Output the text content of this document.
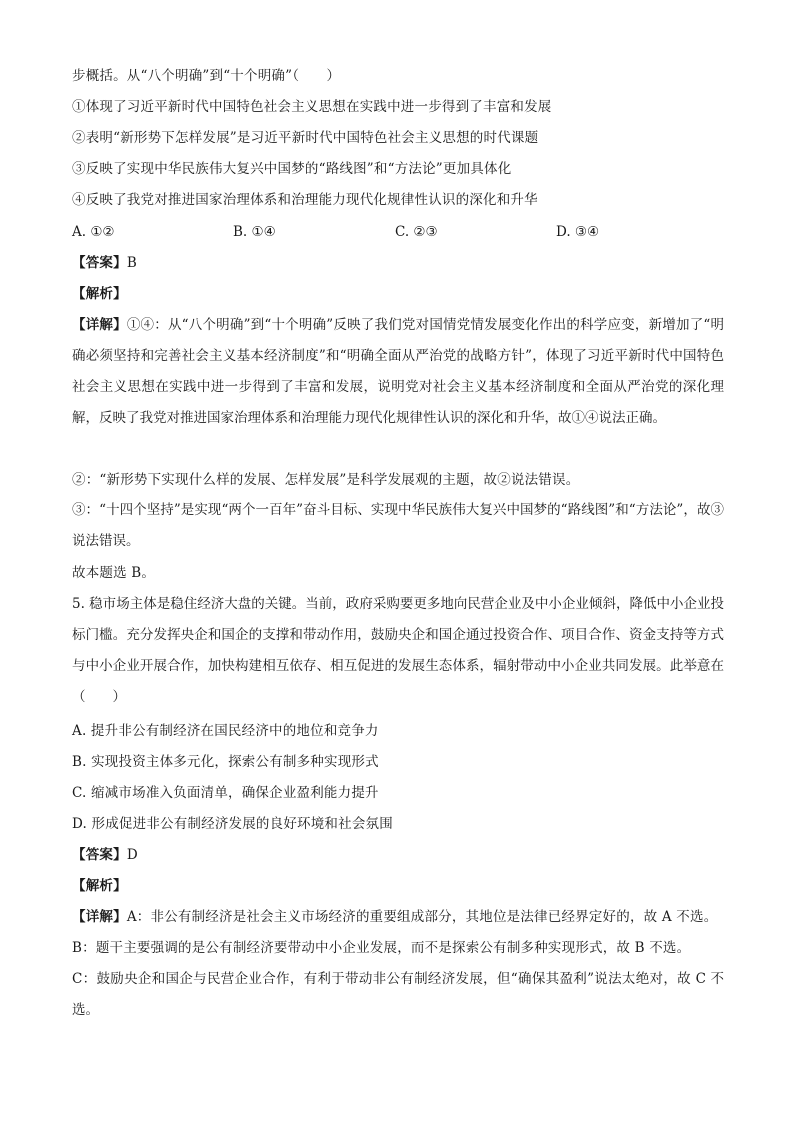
步概括。从“八个明确”到“十个明确”（　　）
①体现了习近平新时代中国特色社会主义思想在实践中进一步得到了丰富和发展
②表明“新形势下怎样发展”是习近平新时代中国特色社会主义思想的时代课题
③反映了实现中华民族伟大复兴中国梦的“路线图”和“方法论”更加具体化
④反映了我党对推进国家治理体系和治理能力现代化规律性认识的深化和升华
A. ①②	B. ①④	C. ②③	D. ③④
【答案】B
【解析】
【详解】①④：从“八个明确”到“十个明确”反映了我们党对国情党情发展变化作出的科学应变，新增加了“明确必须坚持和完善社会主义基本经济制度”和“明确全面从严治党的战略方针”，体现了习近平新时代中国特色社会主义思想在实践中进一步得到了丰富和发展，说明党对社会主义基本经济制度和全面从严治党的深化理解，反映了我党对推进国家治理体系和治理能力现代化规律性认识的深化和升华，故①④说法正确。
②：“新形势下实现什么样的发展、怎样发展”是科学发展观的主题，故②说法错误。
③：“十四个坚持”是实现“两个一百年”奋斗目标、实现中华民族伟大复兴中国梦的“路线图”和“方法论”，故③说法错误。
故本题选 B。
5. 稳市场主体是稳住经济大盘的关键。当前，政府采购要更多地向民营企业及中小企业倾斜，降低中小企业投标门槛。充分发挥央企和国企的支撑和带动作用，鼓励央企和国企通过投资合作、项目合作、资金支持等方式与中小企业开展合作，加快构建相互依存、相互促进的发展生态体系，辐射带动中小企业共同发展。此举意在（　　）
A. 提升非公有制经济在国民经济中的地位和竞争力
B. 实现投资主体多元化，探索公有制多种实现形式
C. 缩减市场准入负面清单，确保企业盈利能力提升
D. 形成促进非公有制经济发展的良好环境和社会氛围
【答案】D
【解析】
【详解】A：非公有制经济是社会主义市场经济的重要组成部分，其地位是法律已经界定好的，故 A 不选。
B：题干主要强调的是公有制经济要带动中小企业发展，而不是探索公有制多种实现形式，故 B 不选。
C：鼓励央企和国企与民营企业合作，有利于带动非公有制经济发展，但“确保其盈利”说法太绝对，故 C 不选。
